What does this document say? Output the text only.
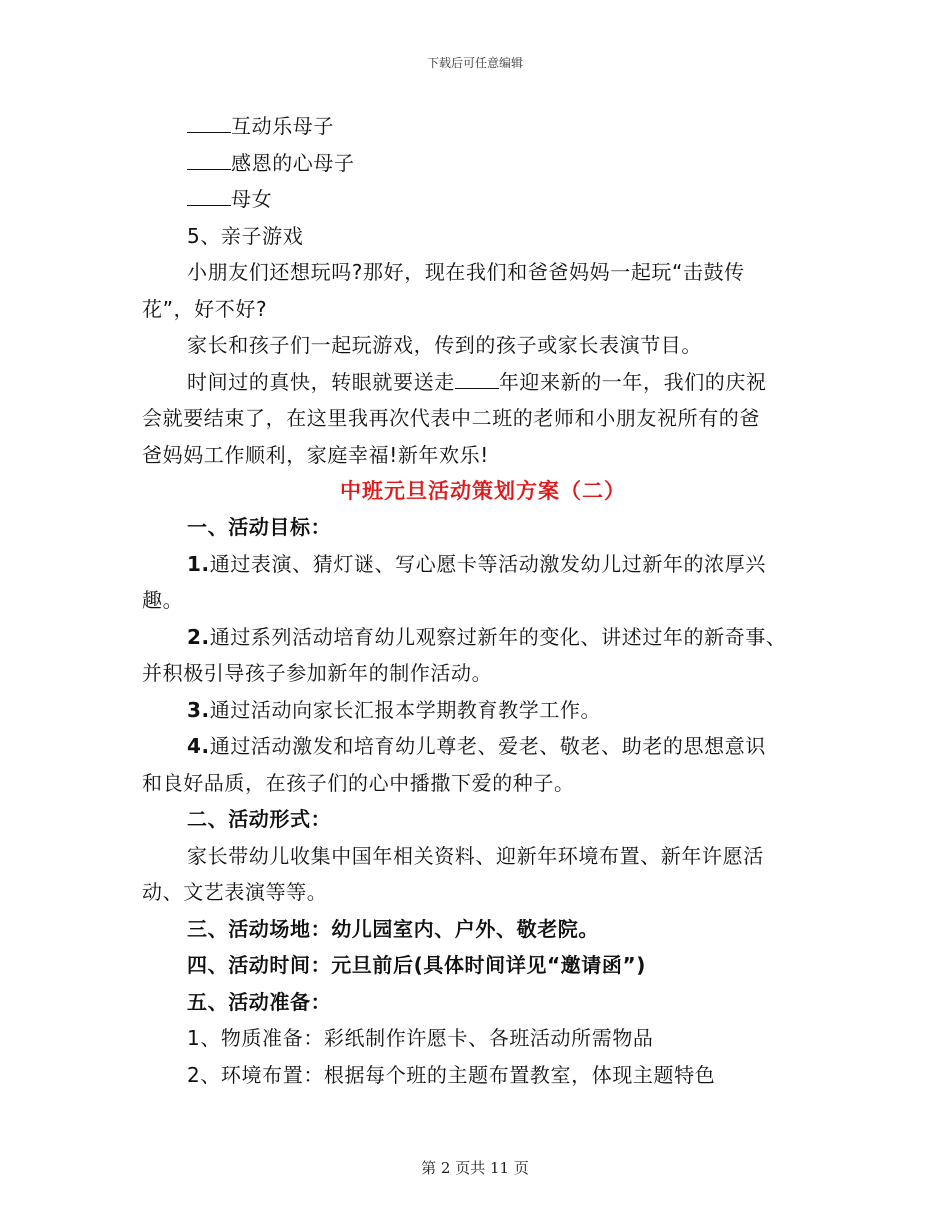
下载后可任意编辑
互动乐母子
感恩的心母子
母女
5、亲子游戏
小朋友们还想玩吗?那好，现在我们和爸爸妈妈一起玩“击鼓传
花”，好不好?
家长和孩子们一起玩游戏，传到的孩子或家长表演节目。
时间过的真快，转眼就要送走 年迎来新的一年，我们的庆祝
会就要结束了，在这里我再次代表中二班的老师和小朋友祝所有的爸
爸妈妈工作顺利，家庭幸福!新年欢乐!
中班元旦活动策划方案（二）
一、活动目标：
1.通过表演、猜灯谜、写心愿卡等活动激发幼儿过新年的浓厚兴
趣。
2.通过系列活动培育幼儿观察过新年的变化、讲述过年的新奇事、
并积极引导孩子参加新年的制作活动。
3.通过活动向家长汇报本学期教育教学工作。
4.通过活动激发和培育幼儿尊老、爱老、敬老、助老的思想意识
和良好品质，在孩子们的心中播撒下爱的种子。
二、活动形式：
家长带幼儿收集中国年相关资料、迎新年环境布置、新年许愿活
动、文艺表演等等。
三、活动场地：幼儿园室内、户外、敬老院。
四、活动时间：元旦前后(具体时间详见“邀请函”)
五、活动准备：
1、物质准备：彩纸制作许愿卡、各班活动所需物品
2、环境布置：根据每个班的主题布置教室，体现主题特色
第 2 页共 11 页
